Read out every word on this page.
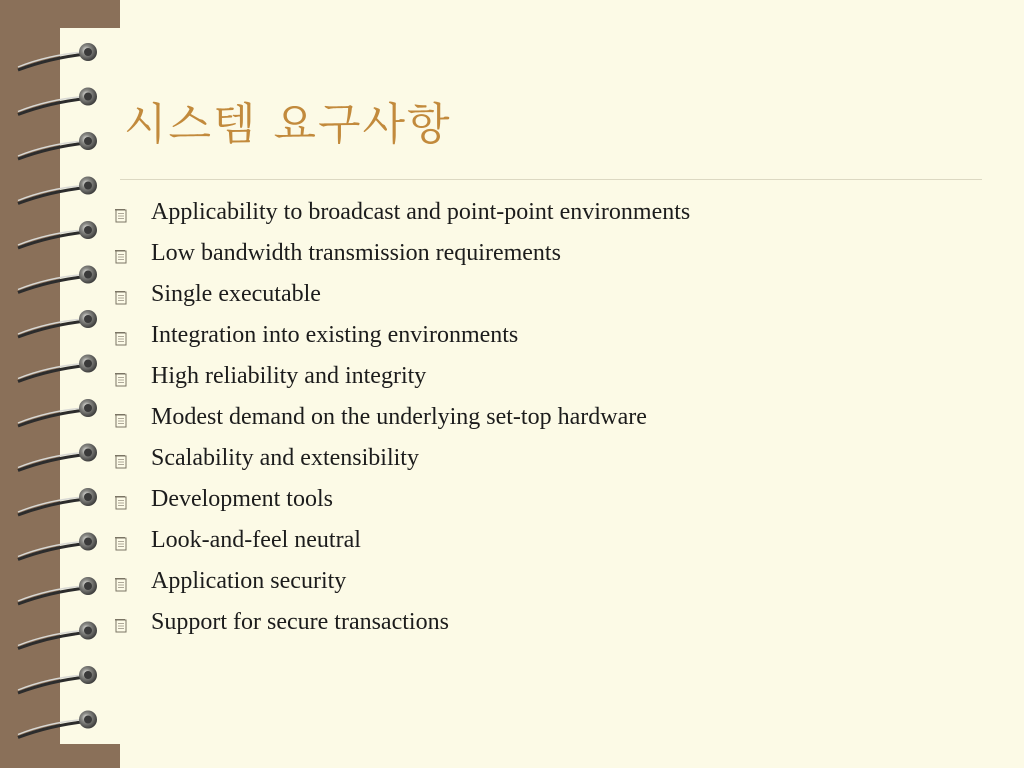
시스템 요구사항
Applicability to broadcast and point-point environments
Low bandwidth transmission requirements
Single executable
Integration into existing environments
High reliability and integrity
Modest demand on the underlying set-top hardware
Scalability and extensibility
Development tools
Look-and-feel neutral
Application security
Support for secure transactions
